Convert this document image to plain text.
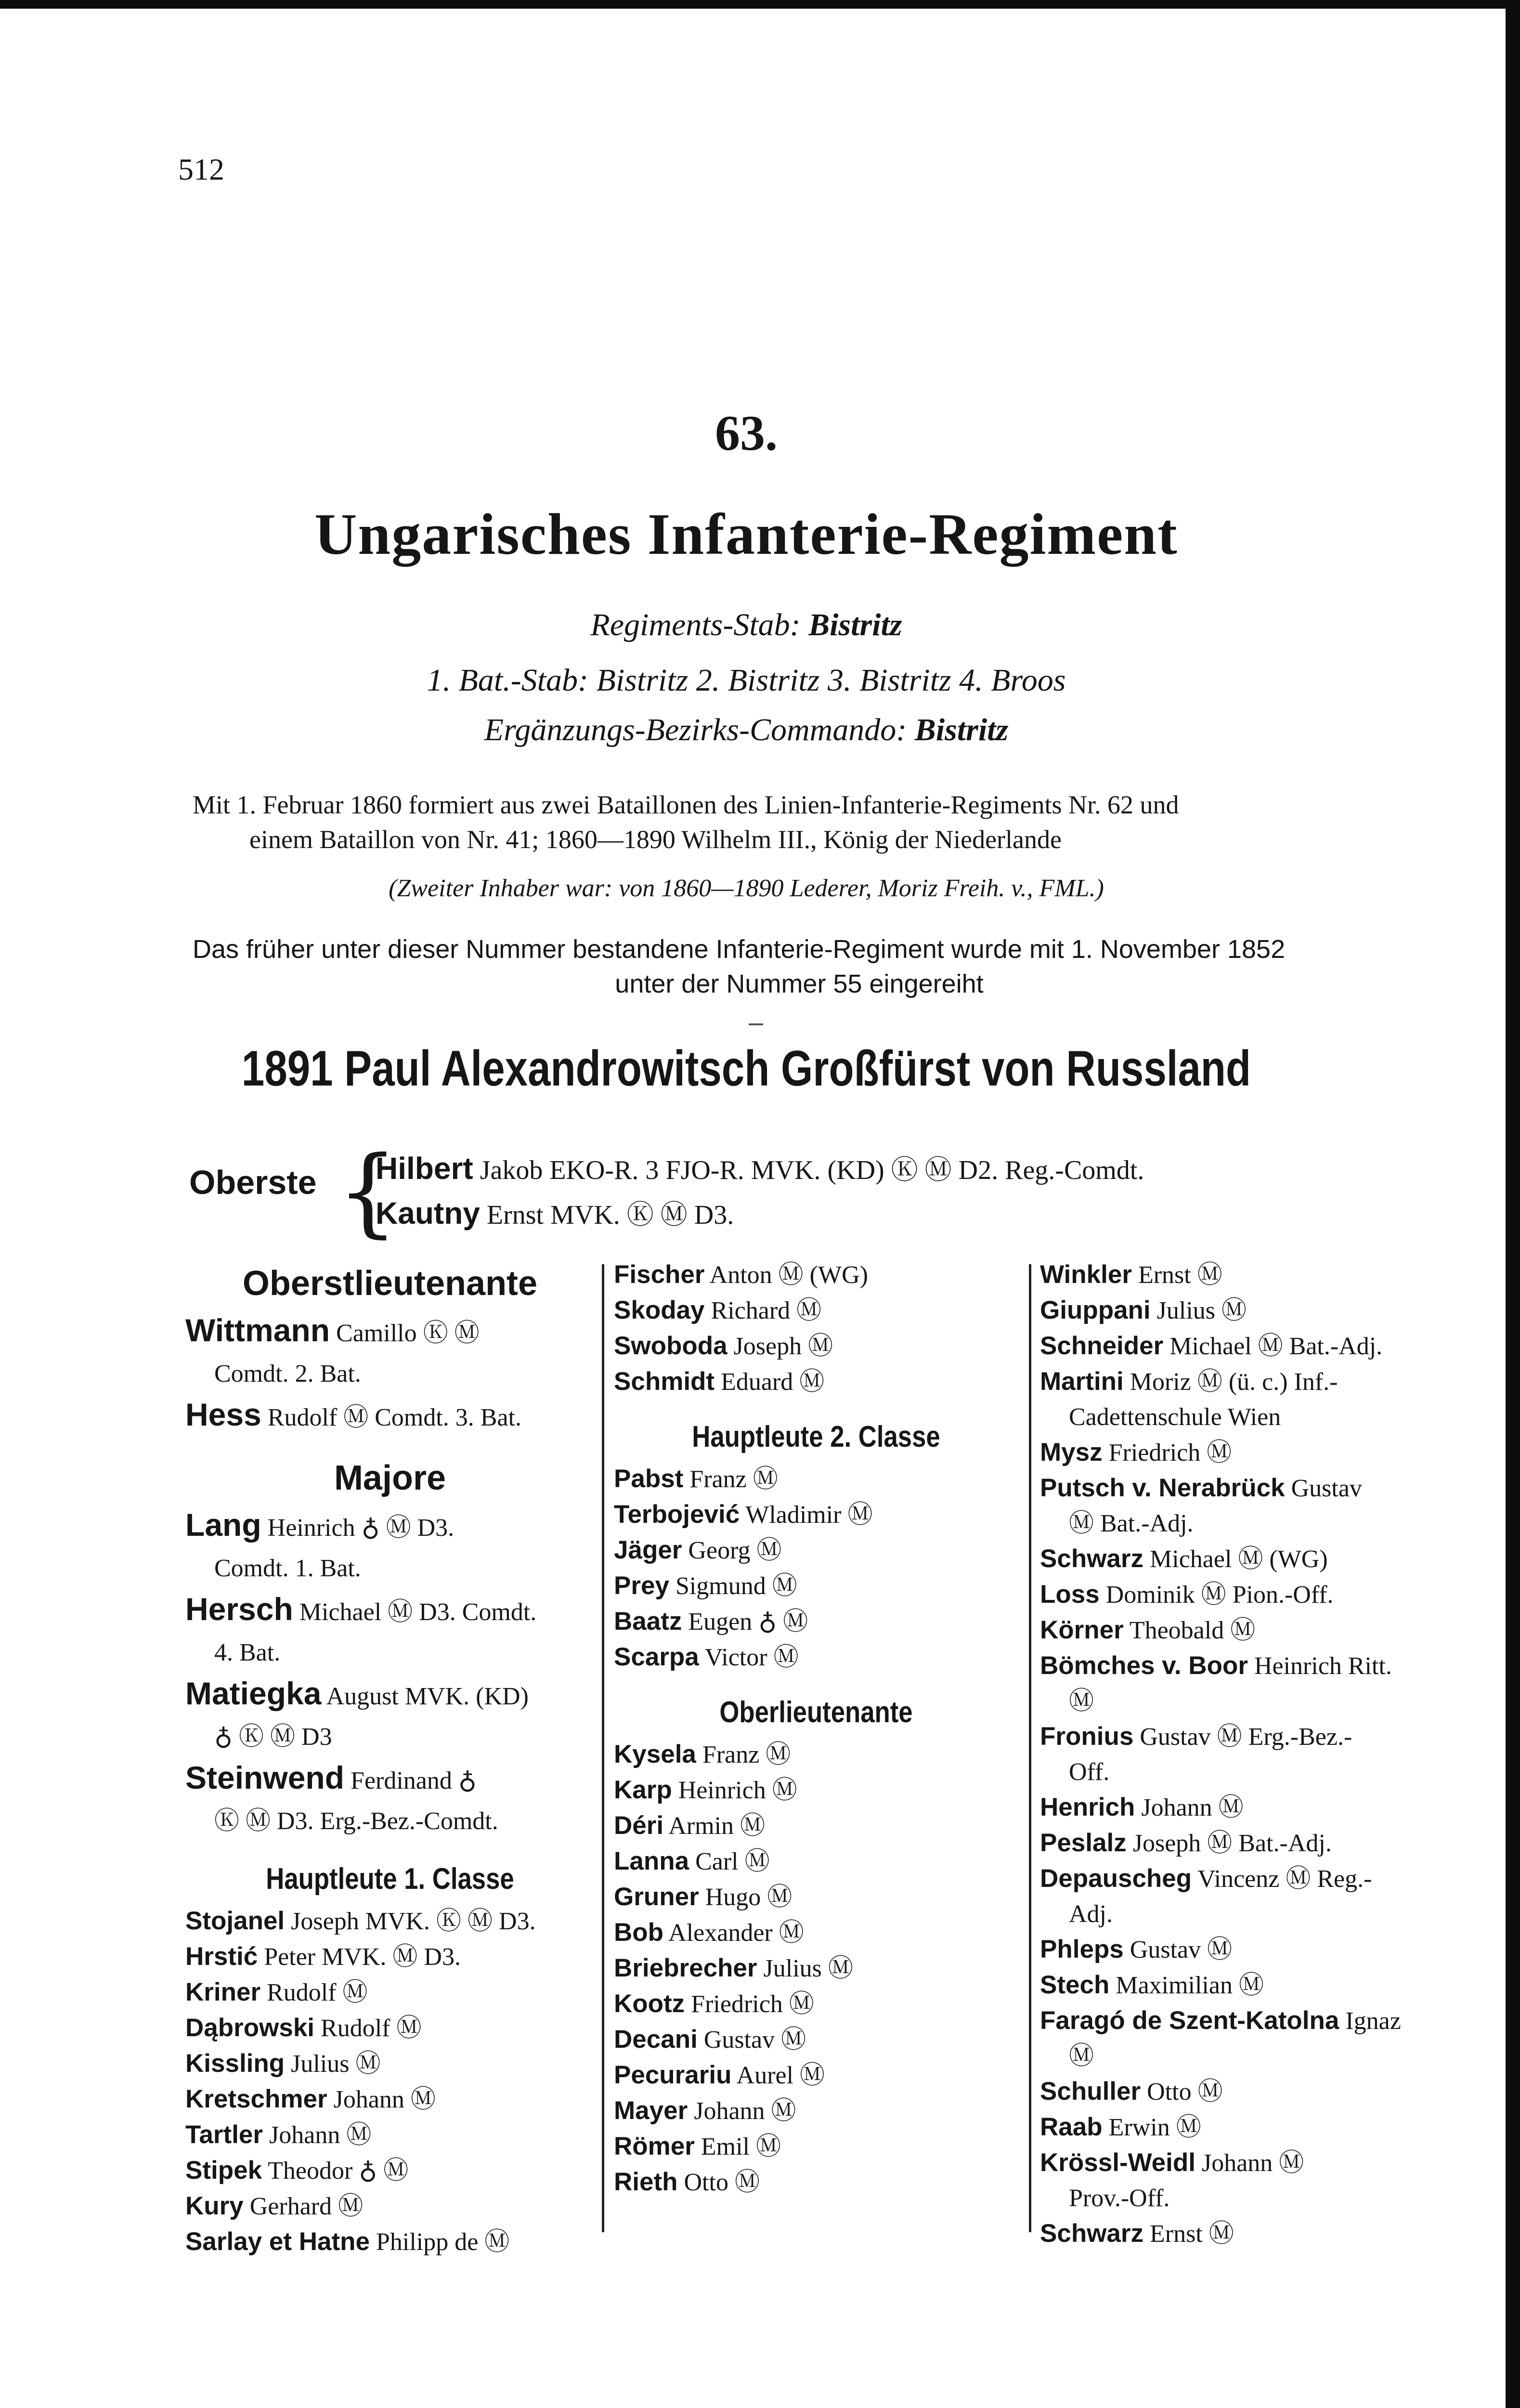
512
63.
Ungarisches Infanterie-Regiment
Regiments-Stab: Bistritz
1. Bat.-Stab: Bistritz 2. Bistritz 3. Bistritz 4. Broos
Ergänzungs-Bezirks-Commando: Bistritz
Mit 1. Februar 1860 formiert aus zwei Bataillonen des Linien-Infanterie-Regiments Nr. 62 und
einem Bataillon von Nr. 41; 1860—1890 Wilhelm III., König der Niederlande
(Zweiter Inhaber war: von 1860—1890 Lederer, Moriz Freih. v., FML.)
Das früher unter dieser Nummer bestandene Infanterie-Regiment wurde mit 1. November 1852
unter der Nummer 55 eingereiht
1891 Paul Alexandrowitsch Großfürst von Russland
Oberste {
Hilbert Jakob EKO-R. 3 FJO-R. MVK. (KD) Ⓚ Ⓜ D2. Reg.-Comdt.
Kautny Ernst MVK. Ⓚ Ⓜ D3.
Oberstlieutenante
Wittmann Camillo Ⓚ Ⓜ
Comdt. 2. Bat.
Hess Rudolf Ⓜ Comdt. 3. Bat.
Majore
Lang Heinrich ♁ Ⓜ D3.
Comdt. 1. Bat.
Hersch Michael Ⓜ D3. Comdt.
4. Bat.
Matiegka August MVK. (KD)
♁ Ⓚ Ⓜ D3
Steinwend Ferdinand ♁
Ⓚ Ⓜ D3. Erg.-Bez.-Comdt.
Hauptleute 1. Classe
Stojanel Joseph MVK. Ⓚ Ⓜ D3.
Hrstić Peter MVK. Ⓜ D3.
Kriner Rudolf Ⓜ
Dąbrowski Rudolf Ⓜ
Kissling Julius Ⓜ
Kretschmer Johann Ⓜ
Tartler Johann Ⓜ
Stipek Theodor ♁ Ⓜ
Kury Gerhard Ⓜ
Sarlay et Hatne Philipp de Ⓜ
Fischer Anton Ⓜ (WG)
Skoday Richard Ⓜ
Swoboda Joseph Ⓜ
Schmidt Eduard Ⓜ
Hauptleute 2. Classe
Pabst Franz Ⓜ
Terbojević Wladimir Ⓜ
Jäger Georg Ⓜ
Prey Sigmund Ⓜ
Baatz Eugen ♁ Ⓜ
Scarpa Victor Ⓜ
Oberlieutenante
Kysela Franz Ⓜ
Karp Heinrich Ⓜ
Déri Armin Ⓜ
Lanna Carl Ⓜ
Gruner Hugo Ⓜ
Bob Alexander Ⓜ
Briebrecher Julius Ⓜ
Kootz Friedrich Ⓜ
Decani Gustav Ⓜ
Pecurariu Aurel Ⓜ
Mayer Johann Ⓜ
Römer Emil Ⓜ
Rieth Otto Ⓜ
Winkler Ernst Ⓜ
Giuppani Julius Ⓜ
Schneider Michael Ⓜ Bat.-Adj.
Martini Moriz Ⓜ (ü. c.) Inf.-
Cadettenschule Wien
Mysz Friedrich Ⓜ
Putsch v. Nerabrück Gustav
Ⓜ Bat.-Adj.
Schwarz Michael Ⓜ (WG)
Loss Dominik Ⓜ Pion.-Off.
Körner Theobald Ⓜ
Bömches v. Boor Heinrich Ritt.
Ⓜ
Fronius Gustav Ⓜ Erg.-Bez.-
Off.
Henrich Johann Ⓜ
Peslalz Joseph Ⓜ Bat.-Adj.
Depauscheg Vincenz Ⓜ Reg.-
Adj.
Phleps Gustav Ⓜ
Stech Maximilian Ⓜ
Faragó de Szent-Katolna Ignaz
Ⓜ
Schuller Otto Ⓜ
Raab Erwin Ⓜ
Krössl-Weidl Johann Ⓜ
Prov.-Off.
Schwarz Ernst Ⓜ
